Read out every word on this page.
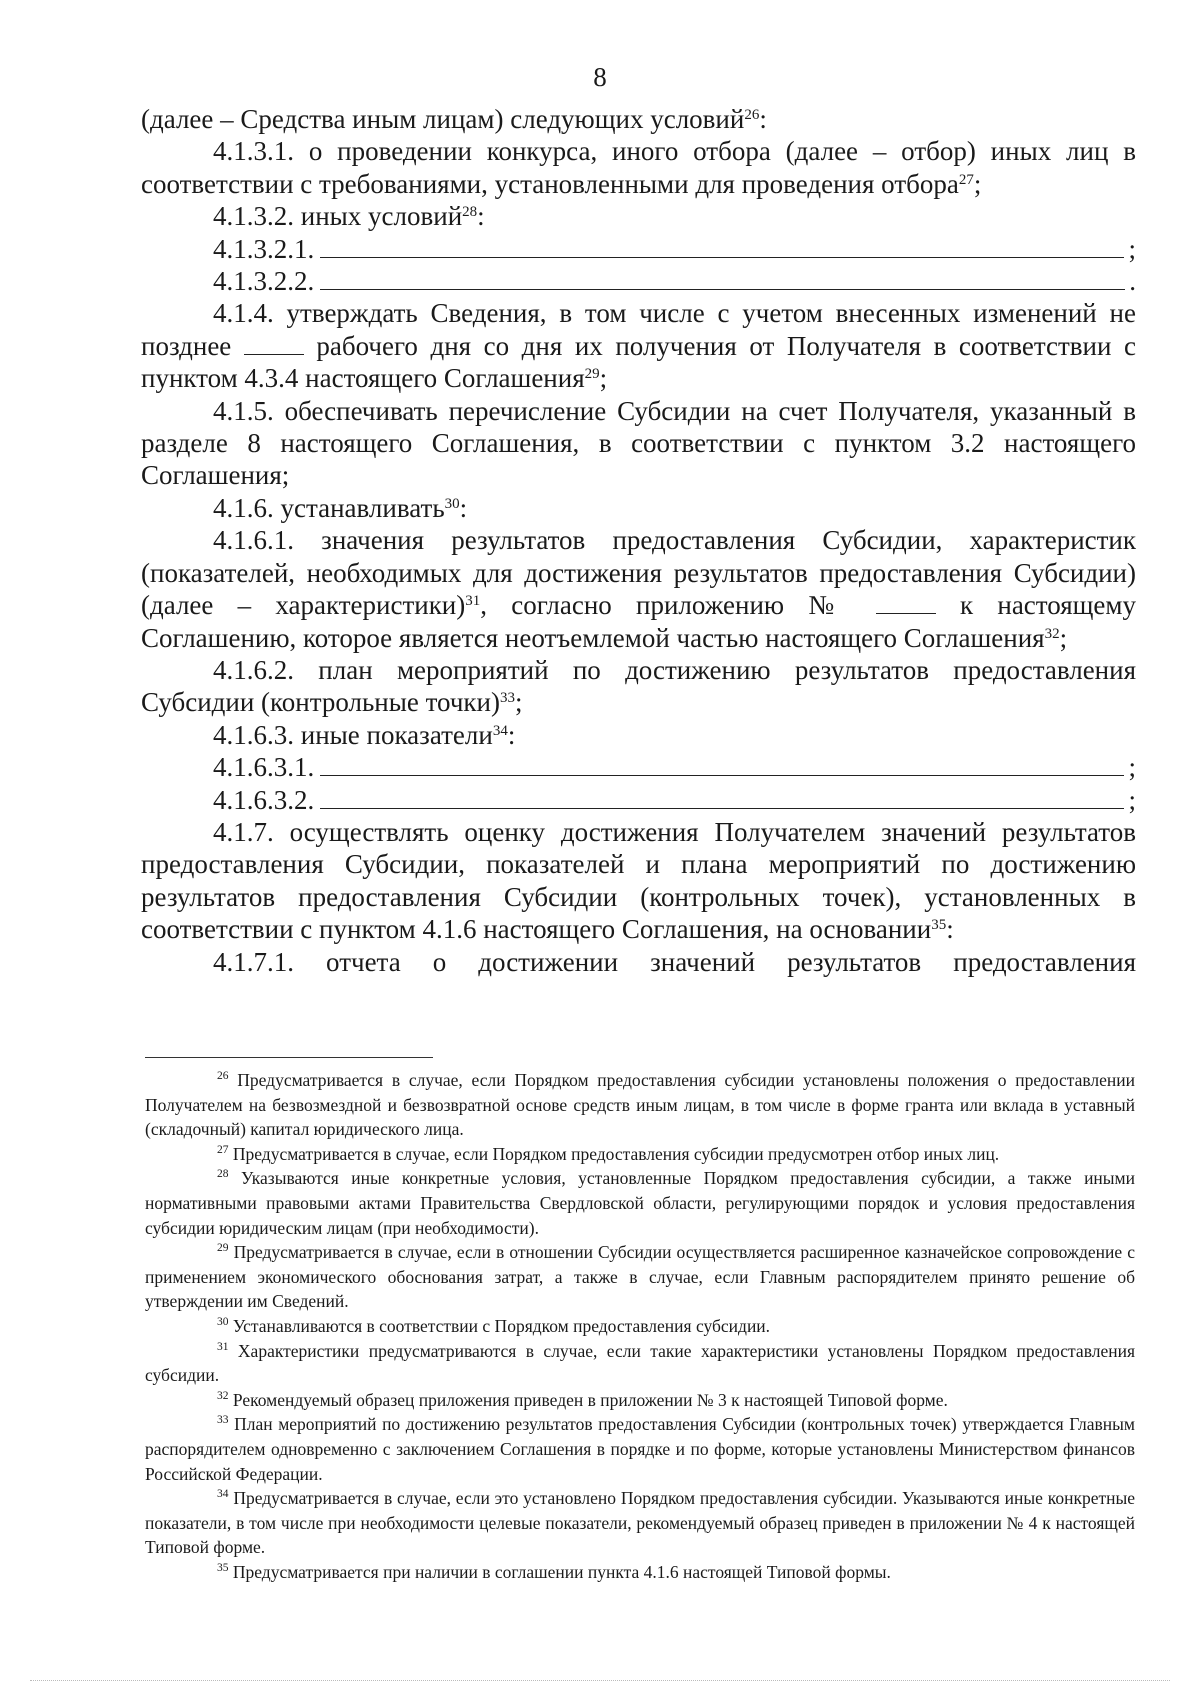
8

(далее – Средства иным лицам) следующих условий$^{26}$:

4.1.3.1. о проведении конкурса, иного отбора (далее – отбор) иных лиц в соответствии с требованиями, установленными для проведения отбора$^{27}$;

4.1.3.2. иных условий$^{28}$:

4.1.3.2.1.	;
4.1.3.2.2.	.

4.1.4. утверждать Сведения, в том числе с учетом внесенных изменений не позднее	рабочего дня со дня их получения от Получателя в соответствии с пунктом 4.3.4 настоящего Соглашения$^{29}$;

4.1.5. обеспечивать перечисление Субсидии на счет Получателя, указанный в разделе 8 настоящего Соглашения, в соответствии с пунктом 3.2 настоящего Соглашения;

4.1.6. устанавливать$^{30}$:

4.1.6.1. значения результатов предоставления Субсидии, характеристик (показателей, необходимых для достижения результатов предоставления Субсидии) (далее – характеристики)$^{31}$, согласно приложению №	к настоящему Соглашению, которое является неотъемлемой частью настоящего Соглашения$^{32}$;

4.1.6.2. план мероприятий по достижению результатов предоставления Субсидии (контрольные точки)$^{33}$;

4.1.6.3. иные показатели$^{34}$:

4.1.6.3.1.	;
4.1.6.3.2.	;

4.1.7. осуществлять оценку достижения Получателем значений результатов предоставления Субсидии, показателей и плана мероприятий по достижению результатов предоставления Субсидии (контрольных точек), установленных в соответствии с пунктом 4.1.6 настоящего Соглашения, на основании$^{35}$:

4.1.7.1. отчета о достижении значений результатов предоставления

$^{26}$ Предусматривается в случае, если Порядком предоставления субсидии установлены положения о предоставлении Получателем на безвозмездной и безвозвратной основе средств иным лицам, в том числе в форме гранта или вклада в уставный (складочный) капитал юридического лица.

$^{27}$ Предусматривается в случае, если Порядком предоставления субсидии предусмотрен отбор иных лиц.

$^{28}$ Указываются иные конкретные условия, установленные Порядком предоставления субсидии, а также иными нормативными правовыми актами Правительства Свердловской области, регулирующими порядок и условия предоставления субсидии юридическим лицам (при необходимости).

$^{29}$ Предусматривается в случае, если в отношении Субсидии осуществляется расширенное казначейское сопровождение с применением экономического обоснования затрат, а также в случае, если Главным распорядителем принято решение об утверждении им Сведений.

$^{30}$ Устанавливаются в соответствии с Порядком предоставления субсидии.

$^{31}$ Характеристики предусматриваются в случае, если такие характеристики установлены Порядком предоставления субсидии.

$^{32}$ Рекомендуемый образец приложения приведен в приложении № 3 к настоящей Типовой форме.

$^{33}$ План мероприятий по достижению результатов предоставления Субсидии (контрольных точек) утверждается Главным распорядителем одновременно с заключением Соглашения в порядке и по форме, которые установлены Министерством финансов Российской Федерации.

$^{34}$ Предусматривается в случае, если это установлено Порядком предоставления субсидии. Указываются иные конкретные показатели, в том числе при необходимости целевые показатели, рекомендуемый образец приведен в приложении № 4 к настоящей Типовой форме.

$^{35}$ Предусматривается при наличии в соглашении пункта 4.1.6 настоящей Типовой формы.
